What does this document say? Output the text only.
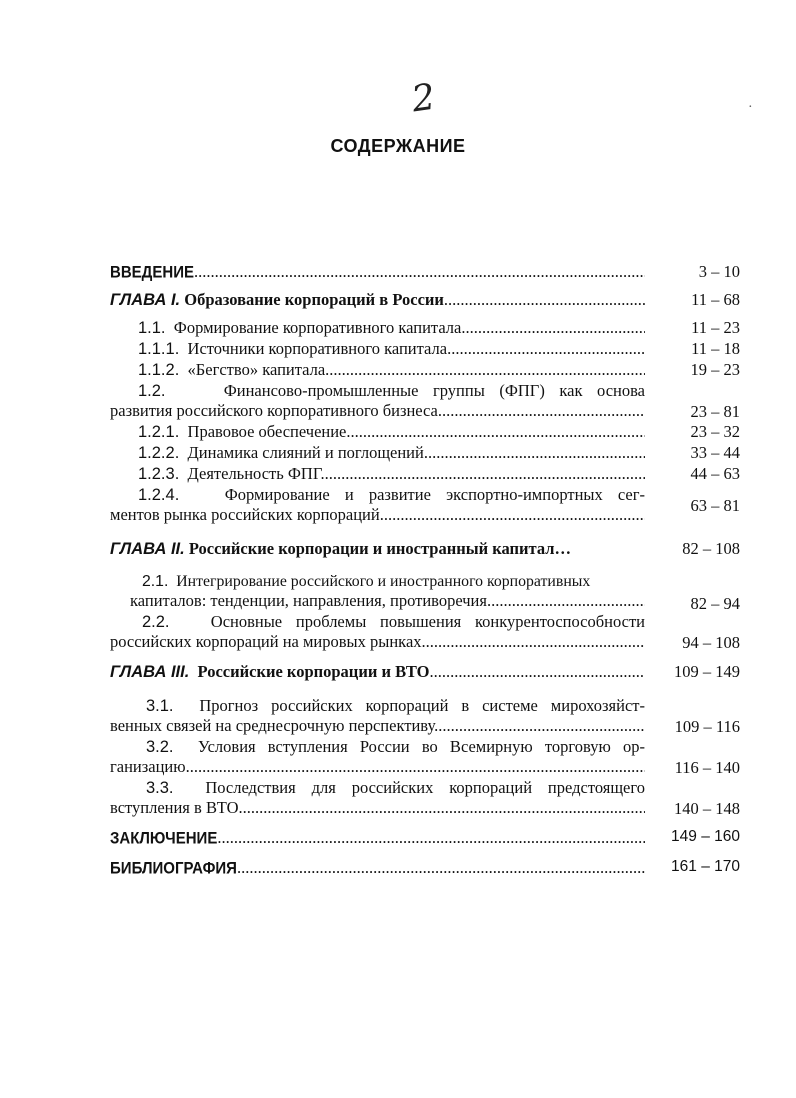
2	·
СОДЕРЖАНИЕ
ВВЕДЕНИЕ .....	3 – 10
ГЛАВА I. Образование корпораций в России .....	11 – 68
1.1. Формирование корпоративного капитала .....	11 – 23
1.1.1. Источники корпоративного капитала .....	11 – 18
1.1.2. «Бегство» капитала .....	19 – 23
1.2.	Финансово-промышленные группы (ФПГ) как основа
развития российского корпоративного бизнеса .....	23 – 81
1.2.1. Правовое обеспечение .....	23 – 32
1.2.2. Динамика слияний и поглощений .....	33 – 44
1.2.3. Деятельность ФПГ .....	44 – 63
1.2.4.	Формирование и развитие экспортно-импортных сег-
ментов рынка российских корпораций .....	63 – 81
ГЛАВА II. Российские корпорации и иностранный капитал…	82 – 108
2.1. Интегрирование российского и иностранного корпоративных
капиталов: тенденции, направления, противоречия .....	82 – 94
2.2.	Основные проблемы повышения конкурентоспособности
российских корпораций на мировых рынках .....	94 – 108
ГЛАВА III. Российские корпорации и ВТО .....	109 – 149
3.1. Прогноз российских корпораций в системе мирохозяйст-
венных связей на среднесрочную перспективу .....	109 – 116
3.2. Условия вступления России во Всемирную торговую ор-
ганизацию .....	116 – 140
3.3. Последствия для российских корпораций предстоящего
вступления в ВТО .....	140 – 148
ЗАКЛЮЧЕНИЕ .....	149 – 160
БИБЛИОГРАФИЯ .....	161 – 170
